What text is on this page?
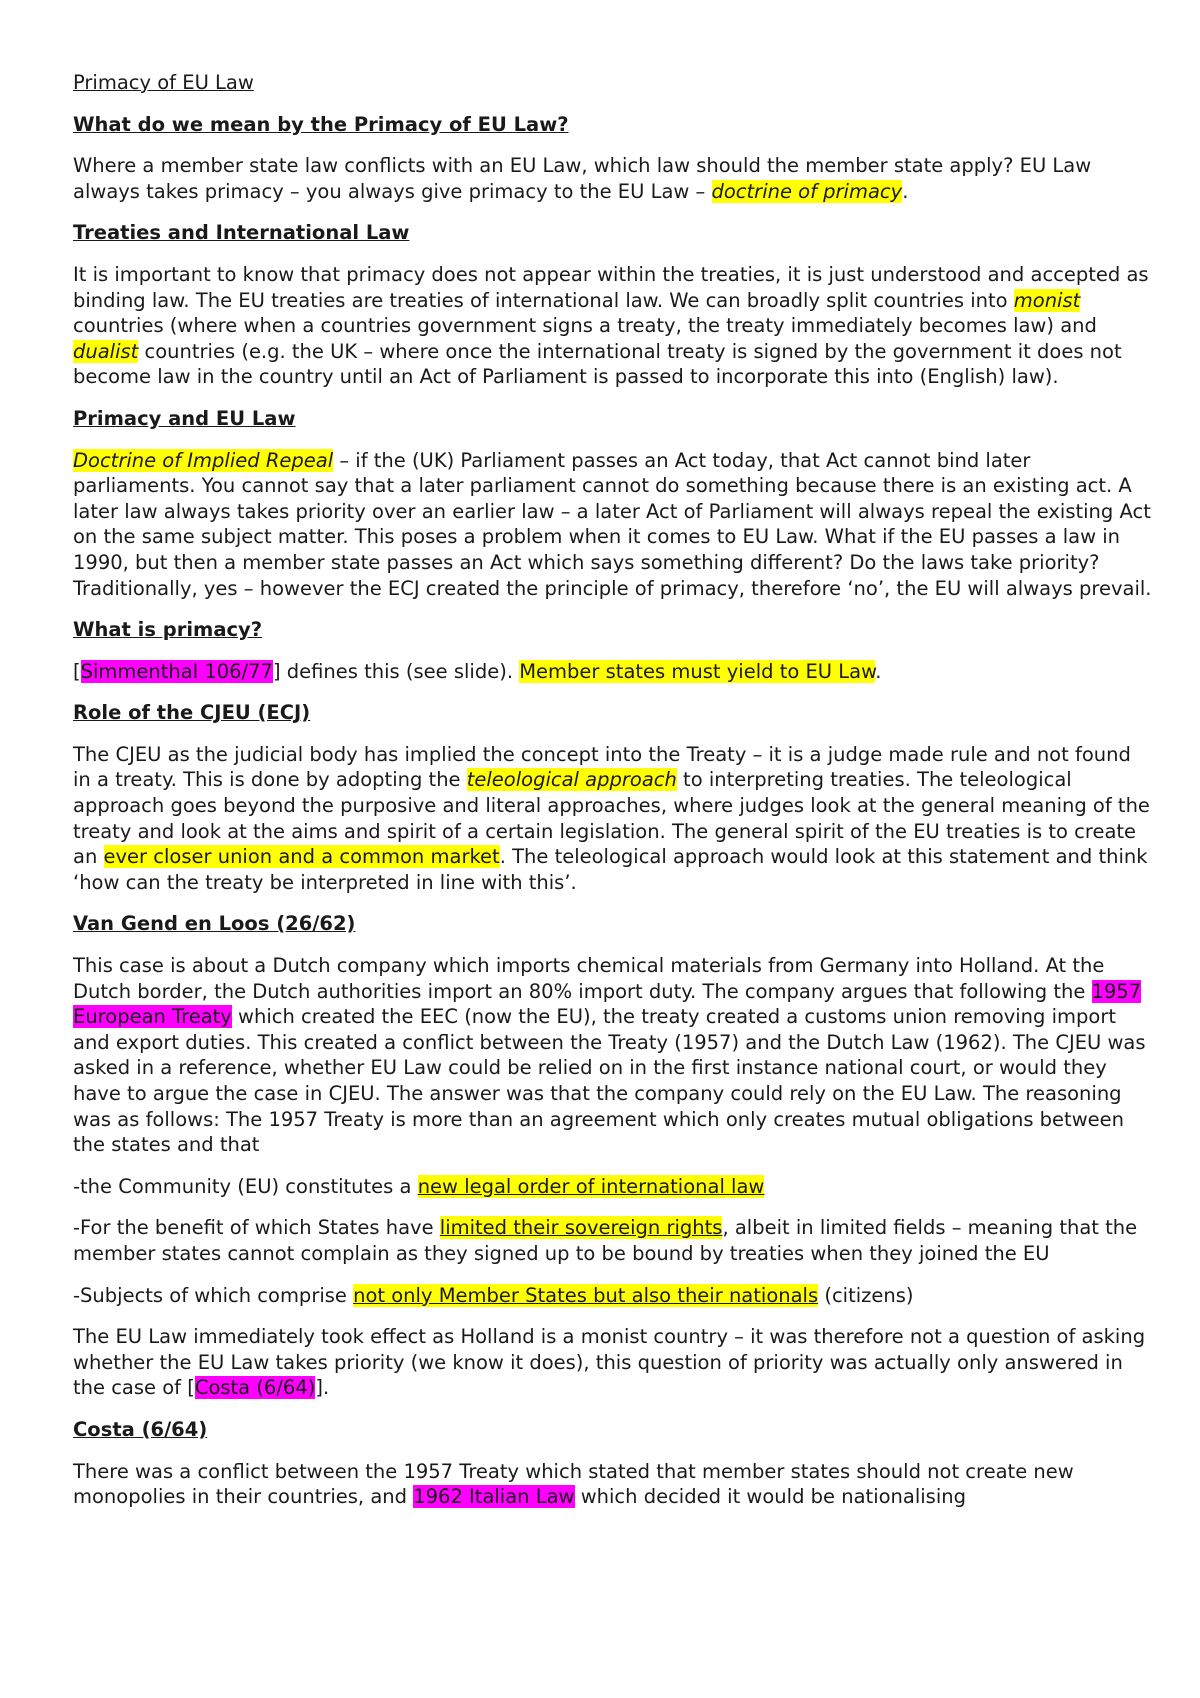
Primacy of EU Law

What do we mean by the Primacy of EU Law?

Where a member state law conflicts with an EU Law, which law should the member state apply? EU Law always takes primacy – you always give primacy to the EU Law – doctrine of primacy.

Treaties and International Law

It is important to know that primacy does not appear within the treaties, it is just understood and accepted as binding law. The EU treaties are treaties of international law. We can broadly split countries into monist countries (where when a countries government signs a treaty, the treaty immediately becomes law) and dualist countries (e.g. the UK – where once the international treaty is signed by the government it does not become law in the country until an Act of Parliament is passed to incorporate this into (English) law).

Primacy and EU Law

Doctrine of Implied Repeal – if the (UK) Parliament passes an Act today, that Act cannot bind later parliaments. You cannot say that a later parliament cannot do something because there is an existing act. A later law always takes priority over an earlier law – a later Act of Parliament will always repeal the existing Act on the same subject matter. This poses a problem when it comes to EU Law. What if the EU passes a law in 1990, but then a member state passes an Act which says something different? Do the laws take priority? Traditionally, yes – however the ECJ created the principle of primacy, therefore ‘no’, the EU will always prevail.

What is primacy?

[Simmenthal 106/77] defines this (see slide). Member states must yield to EU Law.

Role of the CJEU (ECJ)

The CJEU as the judicial body has implied the concept into the Treaty – it is a judge made rule and not found in a treaty. This is done by adopting the teleological approach to interpreting treaties. The teleological approach goes beyond the purposive and literal approaches, where judges look at the general meaning of the treaty and look at the aims and spirit of a certain legislation. The general spirit of the EU treaties is to create an ever closer union and a common market. The teleological approach would look at this statement and think ‘how can the treaty be interpreted in line with this’.

Van Gend en Loos (26/62)

This case is about a Dutch company which imports chemical materials from Germany into Holland. At the Dutch border, the Dutch authorities import an 80% import duty. The company argues that following the 1957 European Treaty which created the EEC (now the EU), the treaty created a customs union removing import and export duties. This created a conflict between the Treaty (1957) and the Dutch Law (1962). The CJEU was asked in a reference, whether EU Law could be relied on in the first instance national court, or would they have to argue the case in CJEU. The answer was that the company could rely on the EU Law. The reasoning was as follows: The 1957 Treaty is more than an agreement which only creates mutual obligations between the states and that

-the Community (EU) constitutes a new legal order of international law

-For the benefit of which States have limited their sovereign rights, albeit in limited fields – meaning that the member states cannot complain as they signed up to be bound by treaties when they joined the EU

-Subjects of which comprise not only Member States but also their nationals (citizens)

The EU Law immediately took effect as Holland is a monist country – it was therefore not a question of asking whether the EU Law takes priority (we know it does), this question of priority was actually only answered in the case of [Costa (6/64)].

Costa (6/64)

There was a conflict between the 1957 Treaty which stated that member states should not create new monopolies in their countries, and 1962 Italian Law which decided it would be nationalising
